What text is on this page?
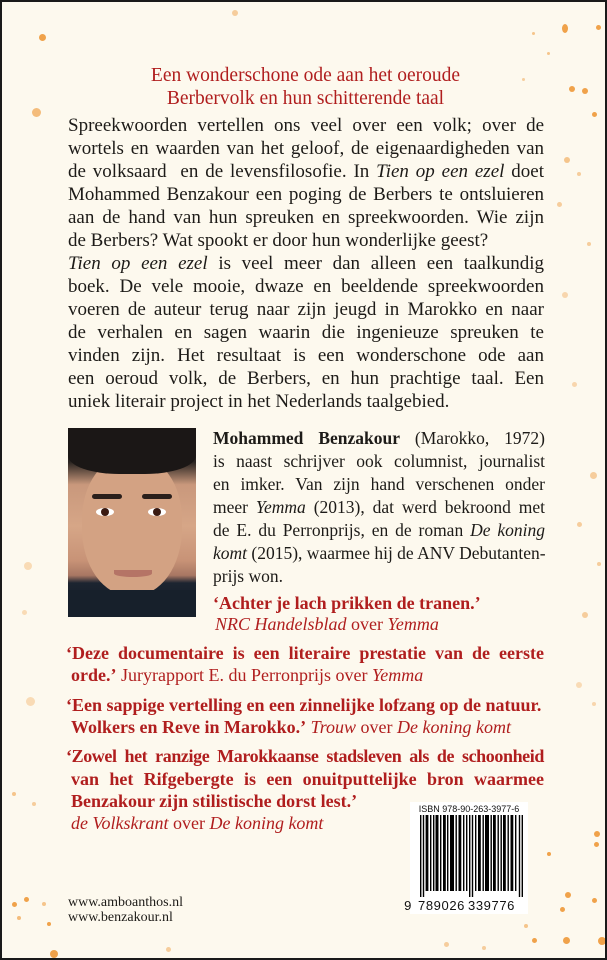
Een wonderschone ode aan het oeroude
Berbervolk en hun schitterende taal
Spreekwoorden vertellen ons veel over een volk; over de
wortels en waarden van het geloof, de eigenaardigheden van
de volksaard  en de levensfilosofie. In Tien op een ezel doet
Mohammed Benzakour een poging de Berbers te ontsluieren
aan de hand van hun spreuken en spreekwoorden. Wie zijn
de Berbers? Wat spookt er door hun wonderlijke geest?
Tien op een ezel is veel meer dan alleen een taalkundig
boek. De vele mooie, dwaze en beeldende spreekwoorden
voeren de auteur terug naar zijn jeugd in Marokko en naar
de verhalen en sagen waarin die ingenieuze spreuken te
vinden zijn. Het resultaat is een wonderschone ode aan
een oeroud volk, de Berbers, en hun prachtige taal. Een
uniek literair project in het Nederlands taalgebied.
Mohammed Benzakour (Marokko, 1972)
is naast schrijver ook columnist, journalist
en imker. Van zijn hand verschenen onder
meer Yemma (2013), dat werd bekroond met
de E. du Perronprijs, en de roman De koning
komt (2015), waarmee hij de ANV Debutanten-
prijs won.
‘Achter je lach prikken de tranen.’
NRC Handelsblad over Yemma
‘Deze documentaire is een literaire prestatie van de eerste
orde.’ Juryrapport E. du Perronprijs over Yemma
‘Een sappige vertelling en een zinnelijke lofzang op de natuur.
Wolkers en Reve in Marokko.’ Trouw over De koning komt
‘Zowel het ranzige Marokkaanse stadsleven als de schoonheid
van het Rifgebergte is een onuitputtelijke bron waarmee
Benzakour zijn stilistische dorst lest.’
de Volkskrant over De koning komt
ISBN 978-90-263-3977-6
9 789026 339776
www.amboanthos.nl
www.benzakour.nl
